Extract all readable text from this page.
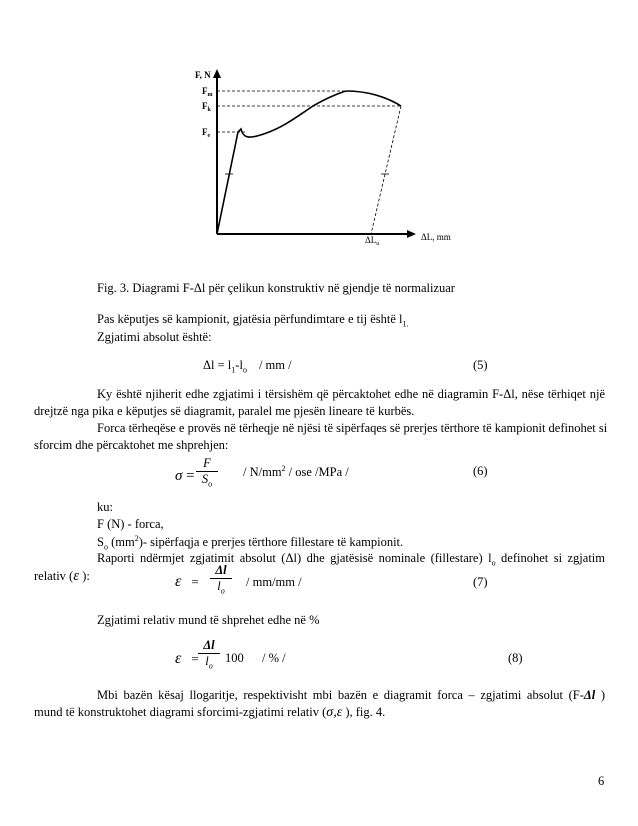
F, N
$F_m$
$F_k$
$F_e$
$\Delta L_u$
ΔL, mm
Fig. 3. Diagrami F-Δl për çelikun konstruktiv në gjendje të normalizuar
Pas këputjes së kampionit, gjatësia përfundimtare e tij është $l_{1.}$
Zgjatimi absolut është:
$\Delta l = l_1-l_o$ / mm /	(5)
Ky është njiherit edhe zgjatimi i tërsishëm që përcaktohet edhe në diagramin F-Δl, nëse tërhiqet një
drejtzë nga pika e këputjes së diagramit, paralel me pjesën lineare të kurbës.
Forca tërheqëse e provës në tërheqje në njësi të sipërfaqes së prerjes tërthore të kampionit definohet si
sforcim dhe përcaktohet me shprehjen:
$\sigma = \frac{F}{S_o} / N/mm^2$ / ose /MPa /	(6)
ku:
F (N) - forca,
$S_o$ $(mm^2)-$ sipërfaqja e prerjes tërthore fillestare të kampionit.
Raporti ndërmjet zgjatimit absolut (Δl) dhe gjatësisë nominale (fillestare) $l_o$ definohet si zgjatim
relativ (ε ):	$\varepsilon = \frac{\Delta l}{l_o} / mm/mm$ /	(7)
Zgjatimi relativ mund të shprehet edhe në %
$\varepsilon = \frac{\Delta l}{l_o} 100$ / % /	(8)
Mbi bazën kësaj llogaritje, respektivisht mbi bazën e diagramit forca – zgjatimi absolut (F-Δl )
mund të konstruktohet diagrami sforcimi-zgjatimi relativ (σ,ε ), fig. 4.
6
